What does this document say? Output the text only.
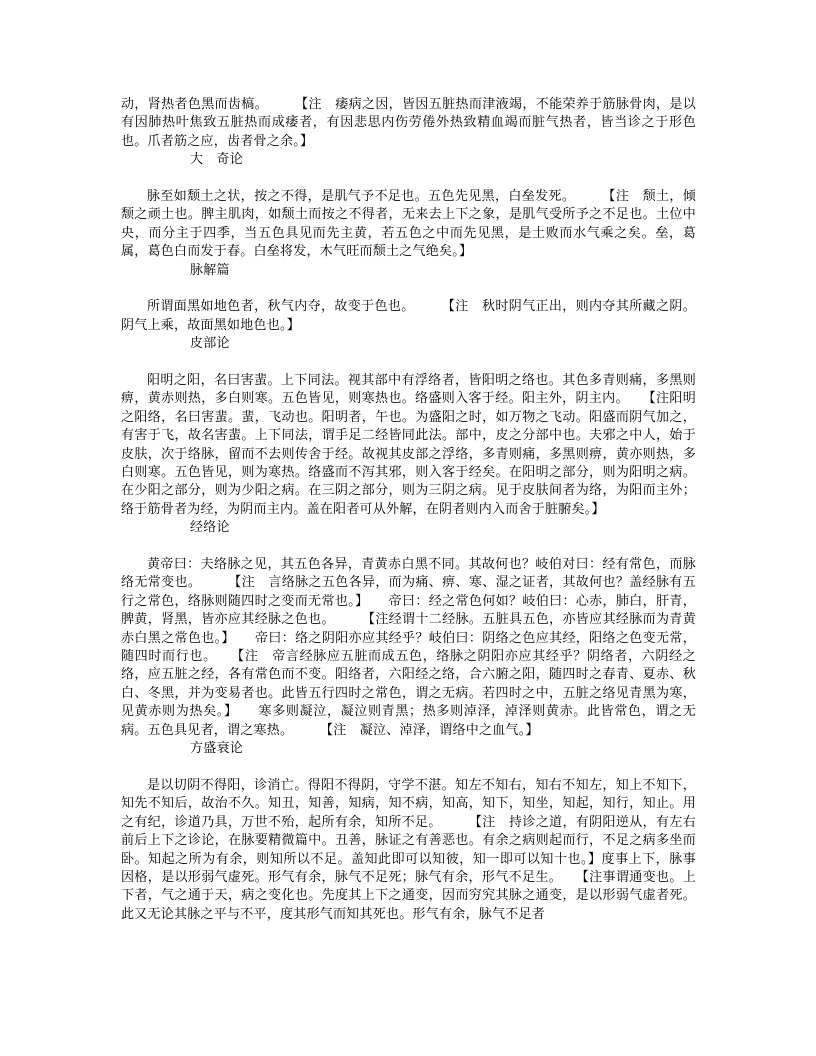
动，肾热者色黑而齿槁。　　　【注　痿病之因，皆因五脏热而津液竭，不能荣养于筋脉骨肉，是以有因肺热叶焦致五脏热而成痿者，有因悲思内伤劳倦外热致精血竭而脏气热者，皆当诊之于形色也。爪者筋之应，齿者骨之余。】

大　奇论

脉至如颓土之状，按之不得，是肌气予不足也。五色先见黑，白垒发死。　　　【注　颓土，倾颓之顽土也。脾主肌肉，如颓土而按之不得者，无来去上下之象，是肌气受所予之不足也。土位中央，而分主于四季，当五色具见而先主黄，若五色之中而先见黑，是土败而水气乘之矣。垒，葛属，葛色白而发于春。白垒将发，木气旺而颓土之气绝矣。】

脉解篇

所谓面黑如地色者，秋气内夺，故变于色也。　　　【注　秋时阴气正出，则内夺其所藏之阴。阴气上乘，故面黑如地色也。】

皮部论

阳明之阳，名曰害蜚。上下同法。视其部中有浮络者，皆阳明之络也。其色多青则痛，多黑则痹，黄赤则热，多白则寒。五色皆见，则寒热也。络盛则入客于经。阳主外，阴主内。　　【注阳明之阳络，名曰害蜚。蜚，飞动也。阳明者，午也。为盛阳之时，如万物之飞动。阳盛而阴气加之，有害于飞，故名害蜚。上下同法，谓手足二经皆同此法。部中，皮之分部中也。夫邪之中人，始于皮肤，次于络脉，留而不去则传舍于经。故视其皮部之浮络，多青则痛，多黑则痹，黄亦则热，多白则寒。五色皆见，则为寒热。络盛而不泻其邪，则入客于经矣。在阳明之部分，则为阳明之病。在少阳之部分，则为少阳之病。在三阴之部分，则为三阴之病。见于皮肤间者为络，为阳而主外；络于筋骨者为经，为阴而主内。盖在阳者可从外解，在阴者则内入而舍于脏腑矣。】

经络论

黄帝曰：夫络脉之见，其五色各异，青黄赤白黑不同。其故何也？岐伯对曰：经有常色，而脉络无常变也。　　　【注　言络脉之五色各异，而为痛、痹、寒、湿之证者，其故何也？盖经脉有五行之常色，络脉则随四时之变而无常也。】　　帝曰：经之常色何如？岐伯曰：心赤，肺白，肝青，脾黄，肾黑，皆亦应其经脉之色也。　　　【注经谓十二经脉。五脏具五色，亦皆应其经脉而为青黄赤白黑之常色也。】　　帝曰：络之阴阳亦应其经乎？岐伯曰：阴络之色应其经，阳络之色变无常，随四时而行也。　　【注　帝言经脉应五脏而成五色，络脉之阴阳亦应其经乎？阴络者，六阴经之络，应五脏之经，各有常色而不变。阳络者，六阳经之络，合六腑之阳，随四时之春青、夏赤、秋白、冬黑，并为变易者也。此皆五行四时之常色，谓之无病。若四时之中，五脏之络见青黑为寒，见黄赤则为热矣。】　　寒多则凝泣，凝泣则青黑；热多则淖泽，淖泽则黄赤。此皆常色，谓之无病。五色具见者，谓之寒热。　　　【注　凝泣、淖泽，谓络中之血气。】

方盛衰论

是以切阴不得阳，诊消亡。得阳不得阴，守学不湛。知左不知右，知右不知左，知上不知下，知先不知后，故治不久。知丑，知善，知病，知不病，知高，知下，知坐，知起，知行，知止。用之有纪，诊道乃具，万世不殆，起所有余，知所不足。　　　【注　持诊之道，有阴阳逆从，有左右前后上下之诊论，在脉要精微篇中。丑善，脉证之有善恶也。有余之病则起而行，不足之病多坐而卧。知起之所为有余，则知所以不足。盖知此即可以知彼，知一即可以知十也。】度事上下，脉事因格，是以形弱气虚死。形气有余，脉气不足死；脉气有余，形气不足生。　　【注事谓通变也。上下者，气之通于天，病之变化也。先度其上下之通变，因而穷究其脉之通变，是以形弱气虚者死。此又无论其脉之平与不平，度其形气而知其死也。形气有余，脉气不足者
